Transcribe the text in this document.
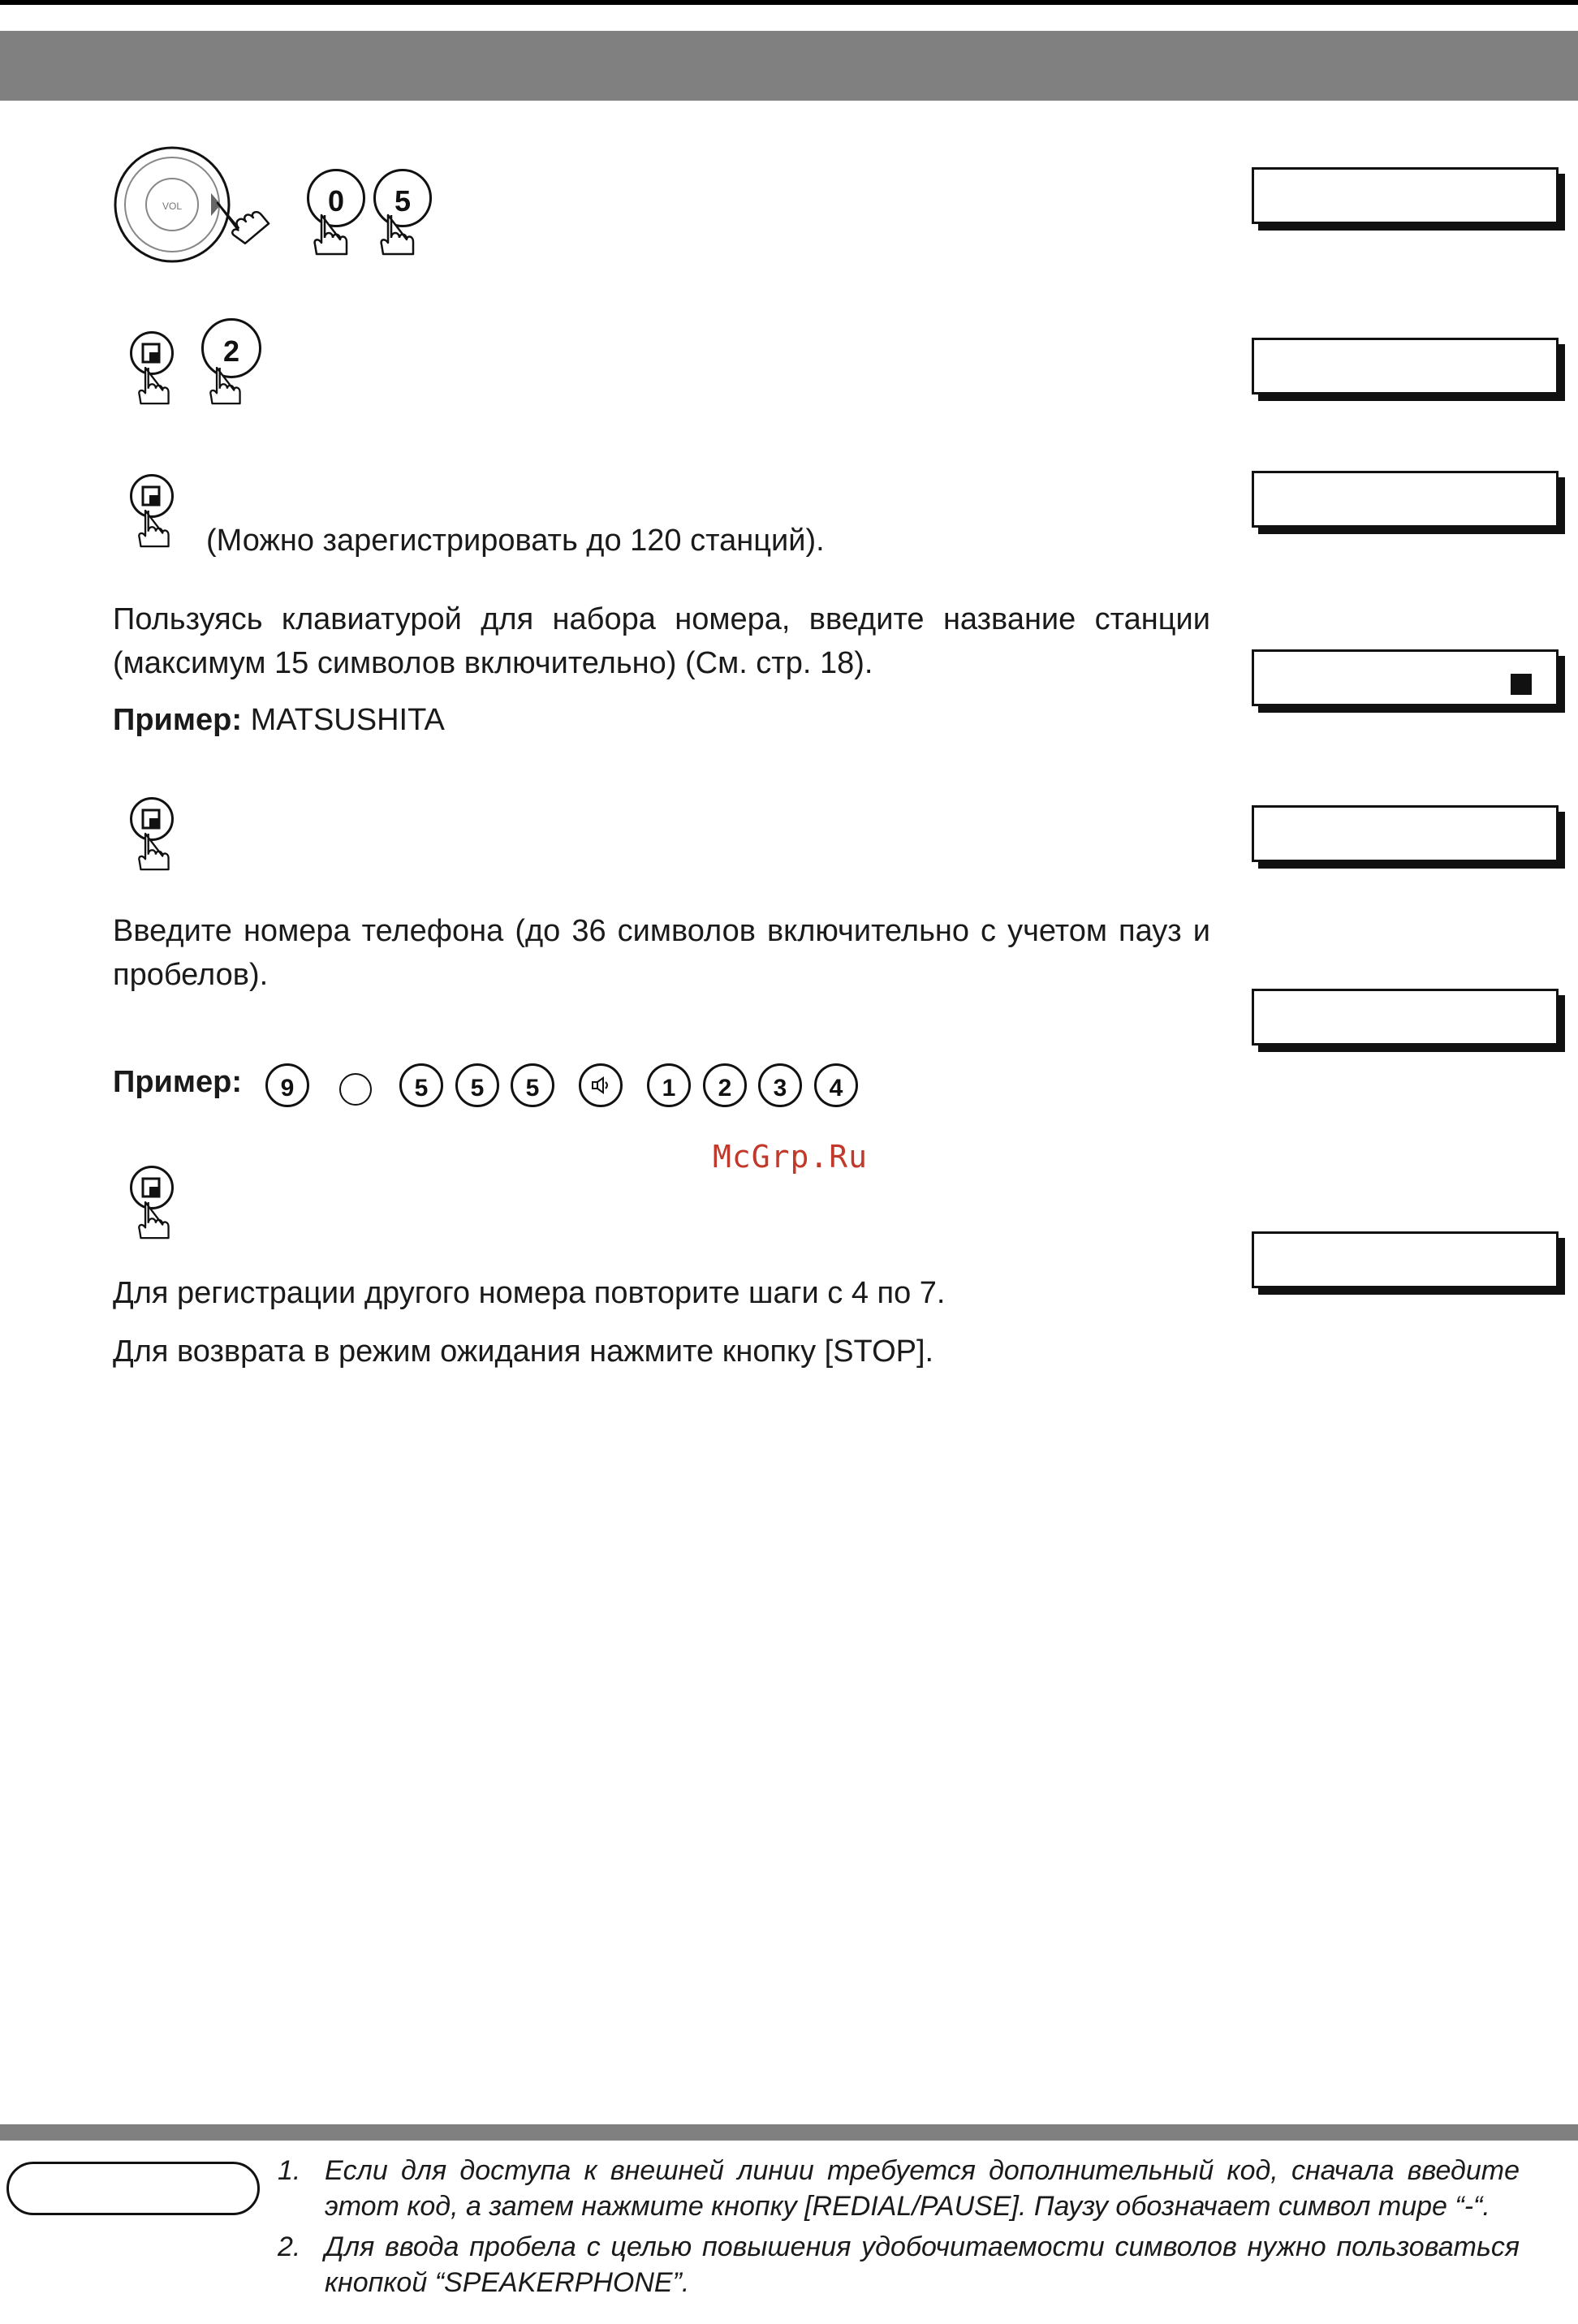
VOL	0	5
2
(Можно зарегистрировать до 120 станций).
Пользуясь клавиатурой для набора номера, введите название станции (максимум 15 символов включительно) (См. стр. 18).
Пример: MATSUSHITA
Введите номера телефона (до 36 символов включительно с учетом пауз и пробелов).
Пример:	9	5	5	5	1	2	3	4
McGrp.Ru
Для регистрации другого номера повторите шаги с 4 по 7.
Для возврата в режим ожидания нажмите кнопку [STOP].
1. Если для доступа к внешней линии требуется дополнительный код, сначала введите этот код, а затем нажмите кнопку [REDIAL/PAUSE]. Паузу обозначает символ тире “-“.
2. Для ввода пробела с целью повышения удобочитаемости символов нужно пользоваться кнопкой “SPEAKERPHONE”.
